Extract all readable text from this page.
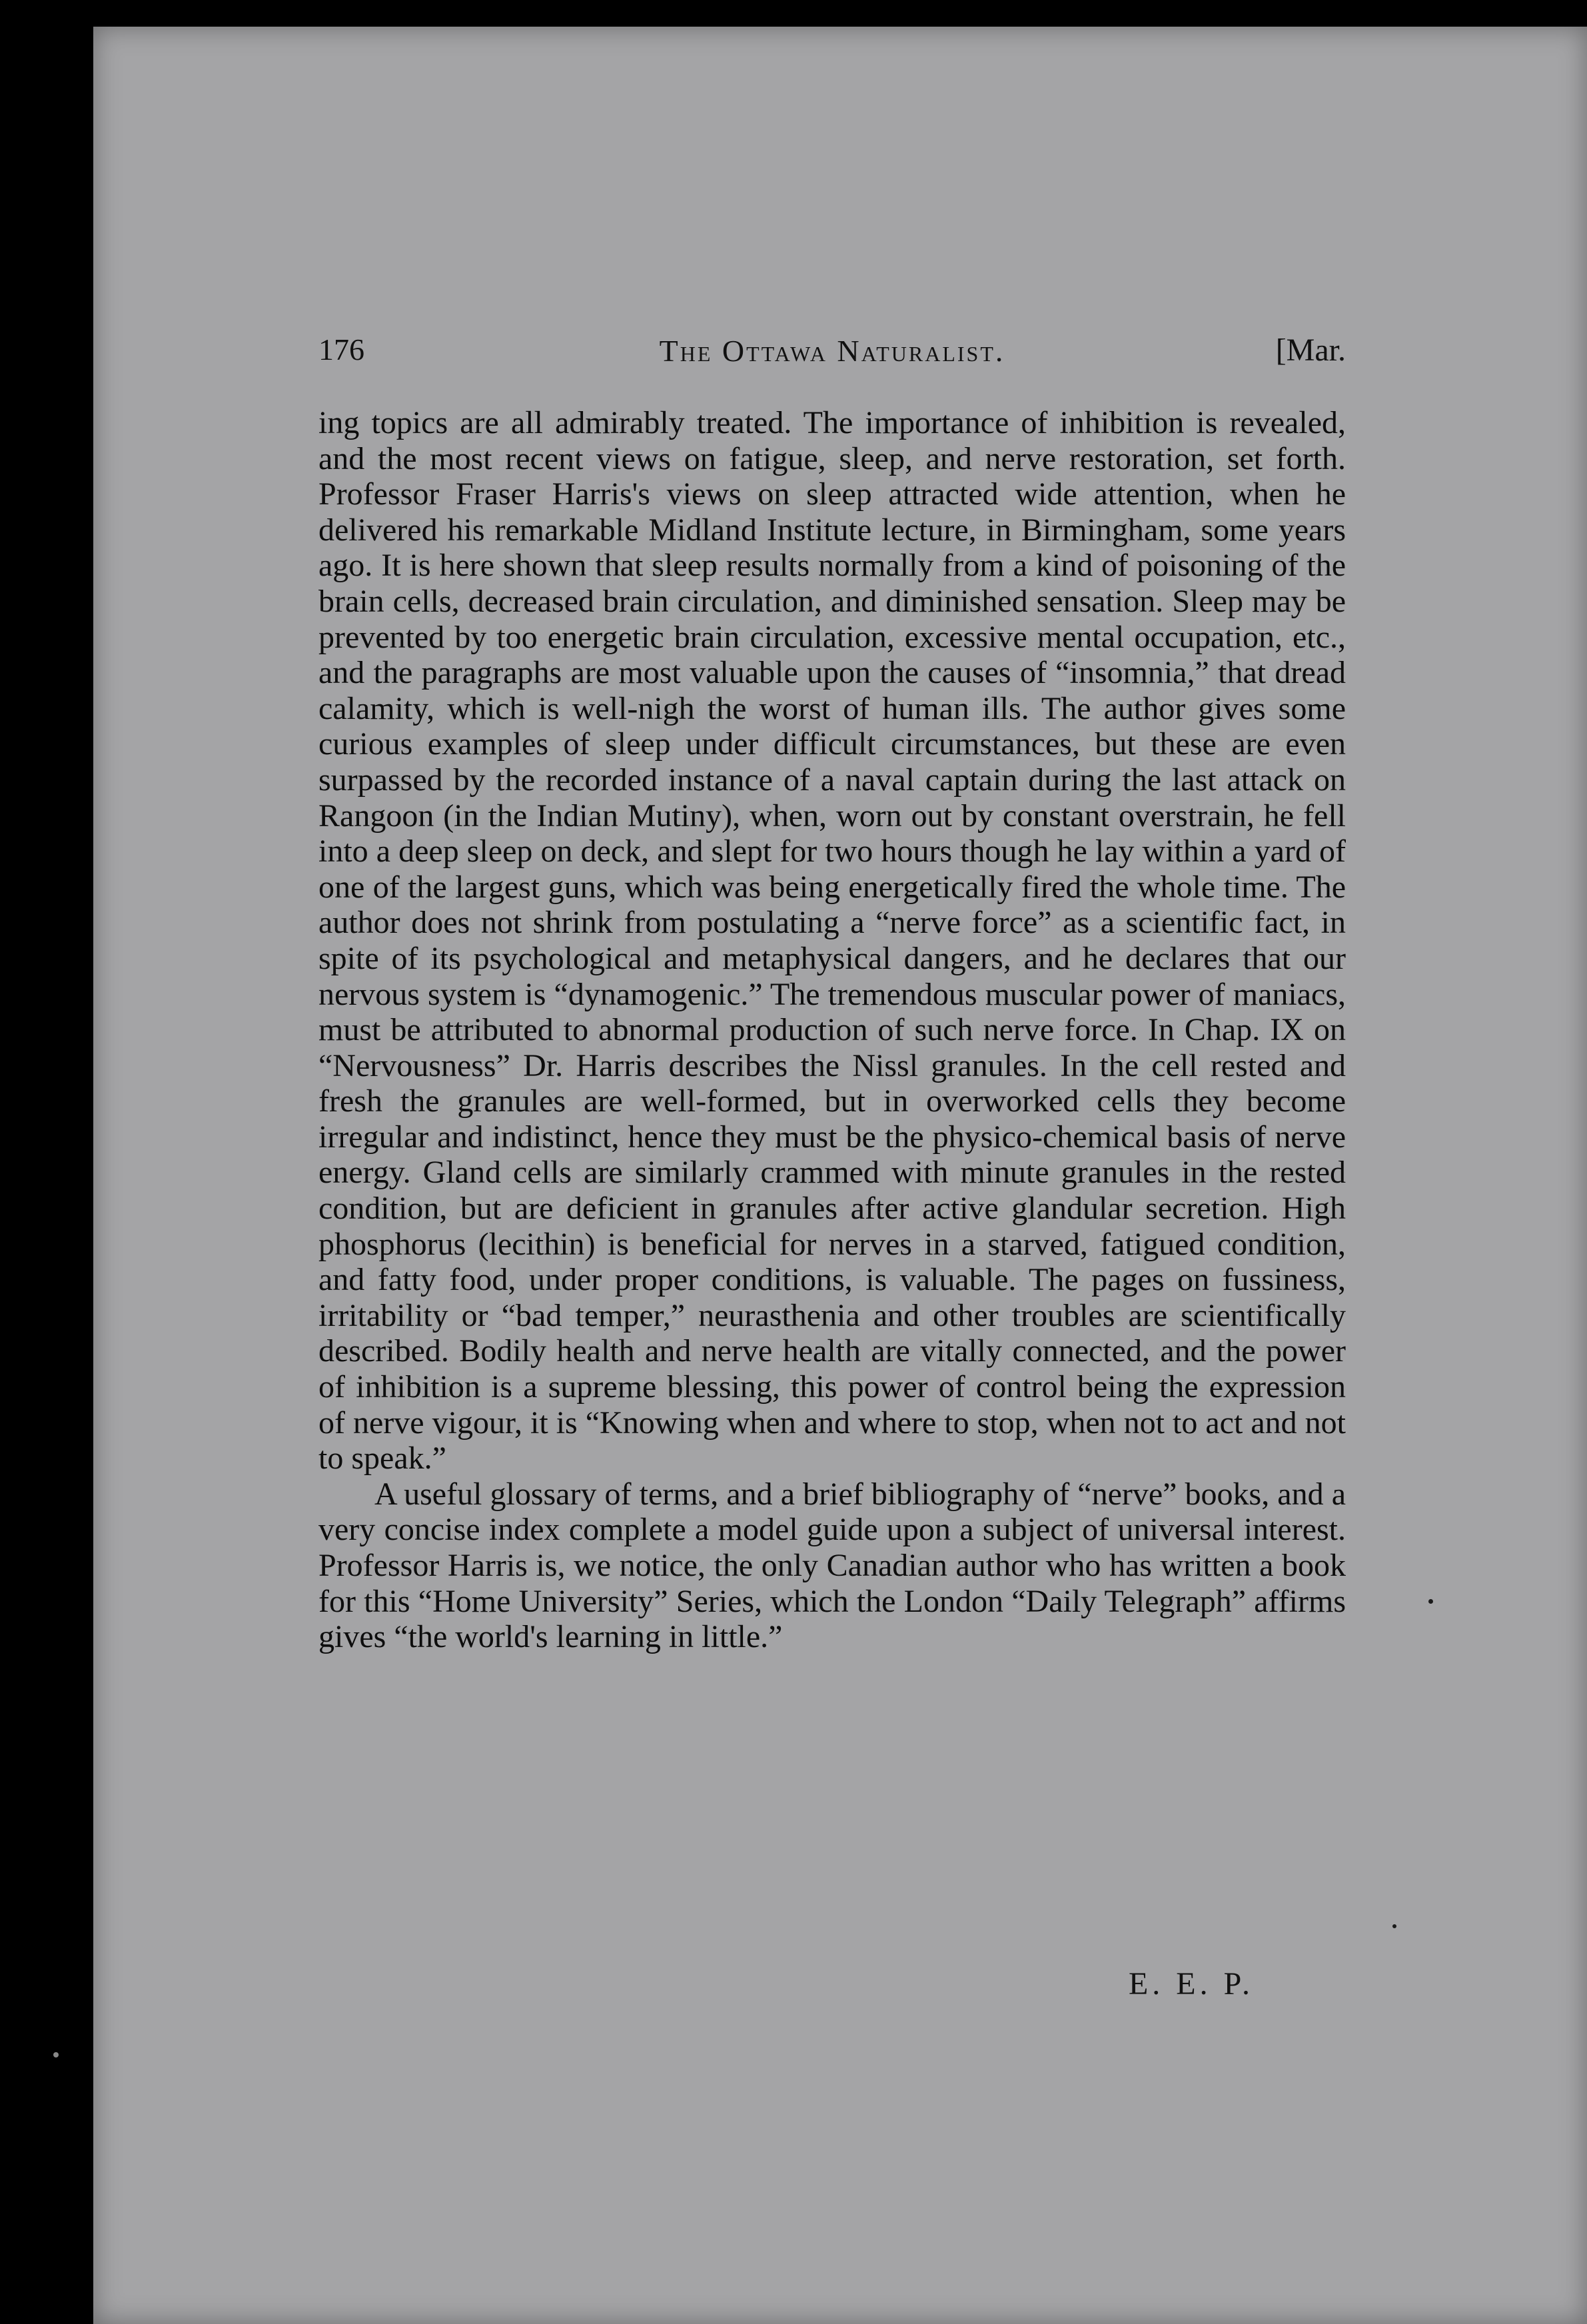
176	The Ottawa Naturalist.	[Mar.

ing topics are all admirably treated. The importance of inhibition is revealed, and the most recent views on fatigue, sleep, and nerve restoration, set forth. Professor Fraser Harris's views on sleep attracted wide attention, when he delivered his remarkable Midland Institute lecture, in Birmingham, some years ago. It is here shown that sleep results normally from a kind of poisoning of the brain cells, decreased brain circulation, and diminished sensation. Sleep may be prevented by too energetic brain circulation, excessive mental occupation, etc., and the paragraphs are most valuable upon the causes of “insomnia,” that dread calamity, which is well-nigh the worst of human ills. The author gives some curious examples of sleep under difficult circumstances, but these are even surpassed by the recorded instance of a naval captain during the last attack on Rangoon (in the Indian Mutiny), when, worn out by constant overstrain, he fell into a deep sleep on deck, and slept for two hours though he lay within a yard of one of the largest guns, which was being energetically fired the whole time. The author does not shrink from postulating a “nerve force” as a scientific fact, in spite of its psychological and metaphysical dangers, and he declares that our nervous system is “dynamogenic.” The tremendous muscular power of maniacs, must be attributed to abnormal production of such nerve force. In Chap. IX on “Nervousness” Dr. Harris describes the Nissl granules. In the cell rested and fresh the granules are well-formed, but in overworked cells they become irregular and indistinct, hence they must be the physico-chemical basis of nerve energy. Gland cells are similarly crammed with minute granules in the rested condition, but are deficient in granules after active glandular secretion. High phosphorus (lecithin) is beneficial for nerves in a starved, fatigued condition, and fatty food, under proper conditions, is valuable. The pages on fussiness, irritability or “bad temper,” neurasthenia and other troubles are scientifically described. Bodily health and nerve health are vitally connected, and the power of inhibition is a supreme blessing, this power of control being the expression of nerve vigour, it is “Knowing when and where to stop, when not to act and not to speak.”

A useful glossary of terms, and a brief bibliography of “nerve” books, and a very concise index complete a model guide upon a subject of universal interest. Professor Harris is, we notice, the only Canadian author who has written a book for this “Home University” Series, which the London “Daily Telegraph” affirms gives “the world's learning in little.”

E. E. P.
